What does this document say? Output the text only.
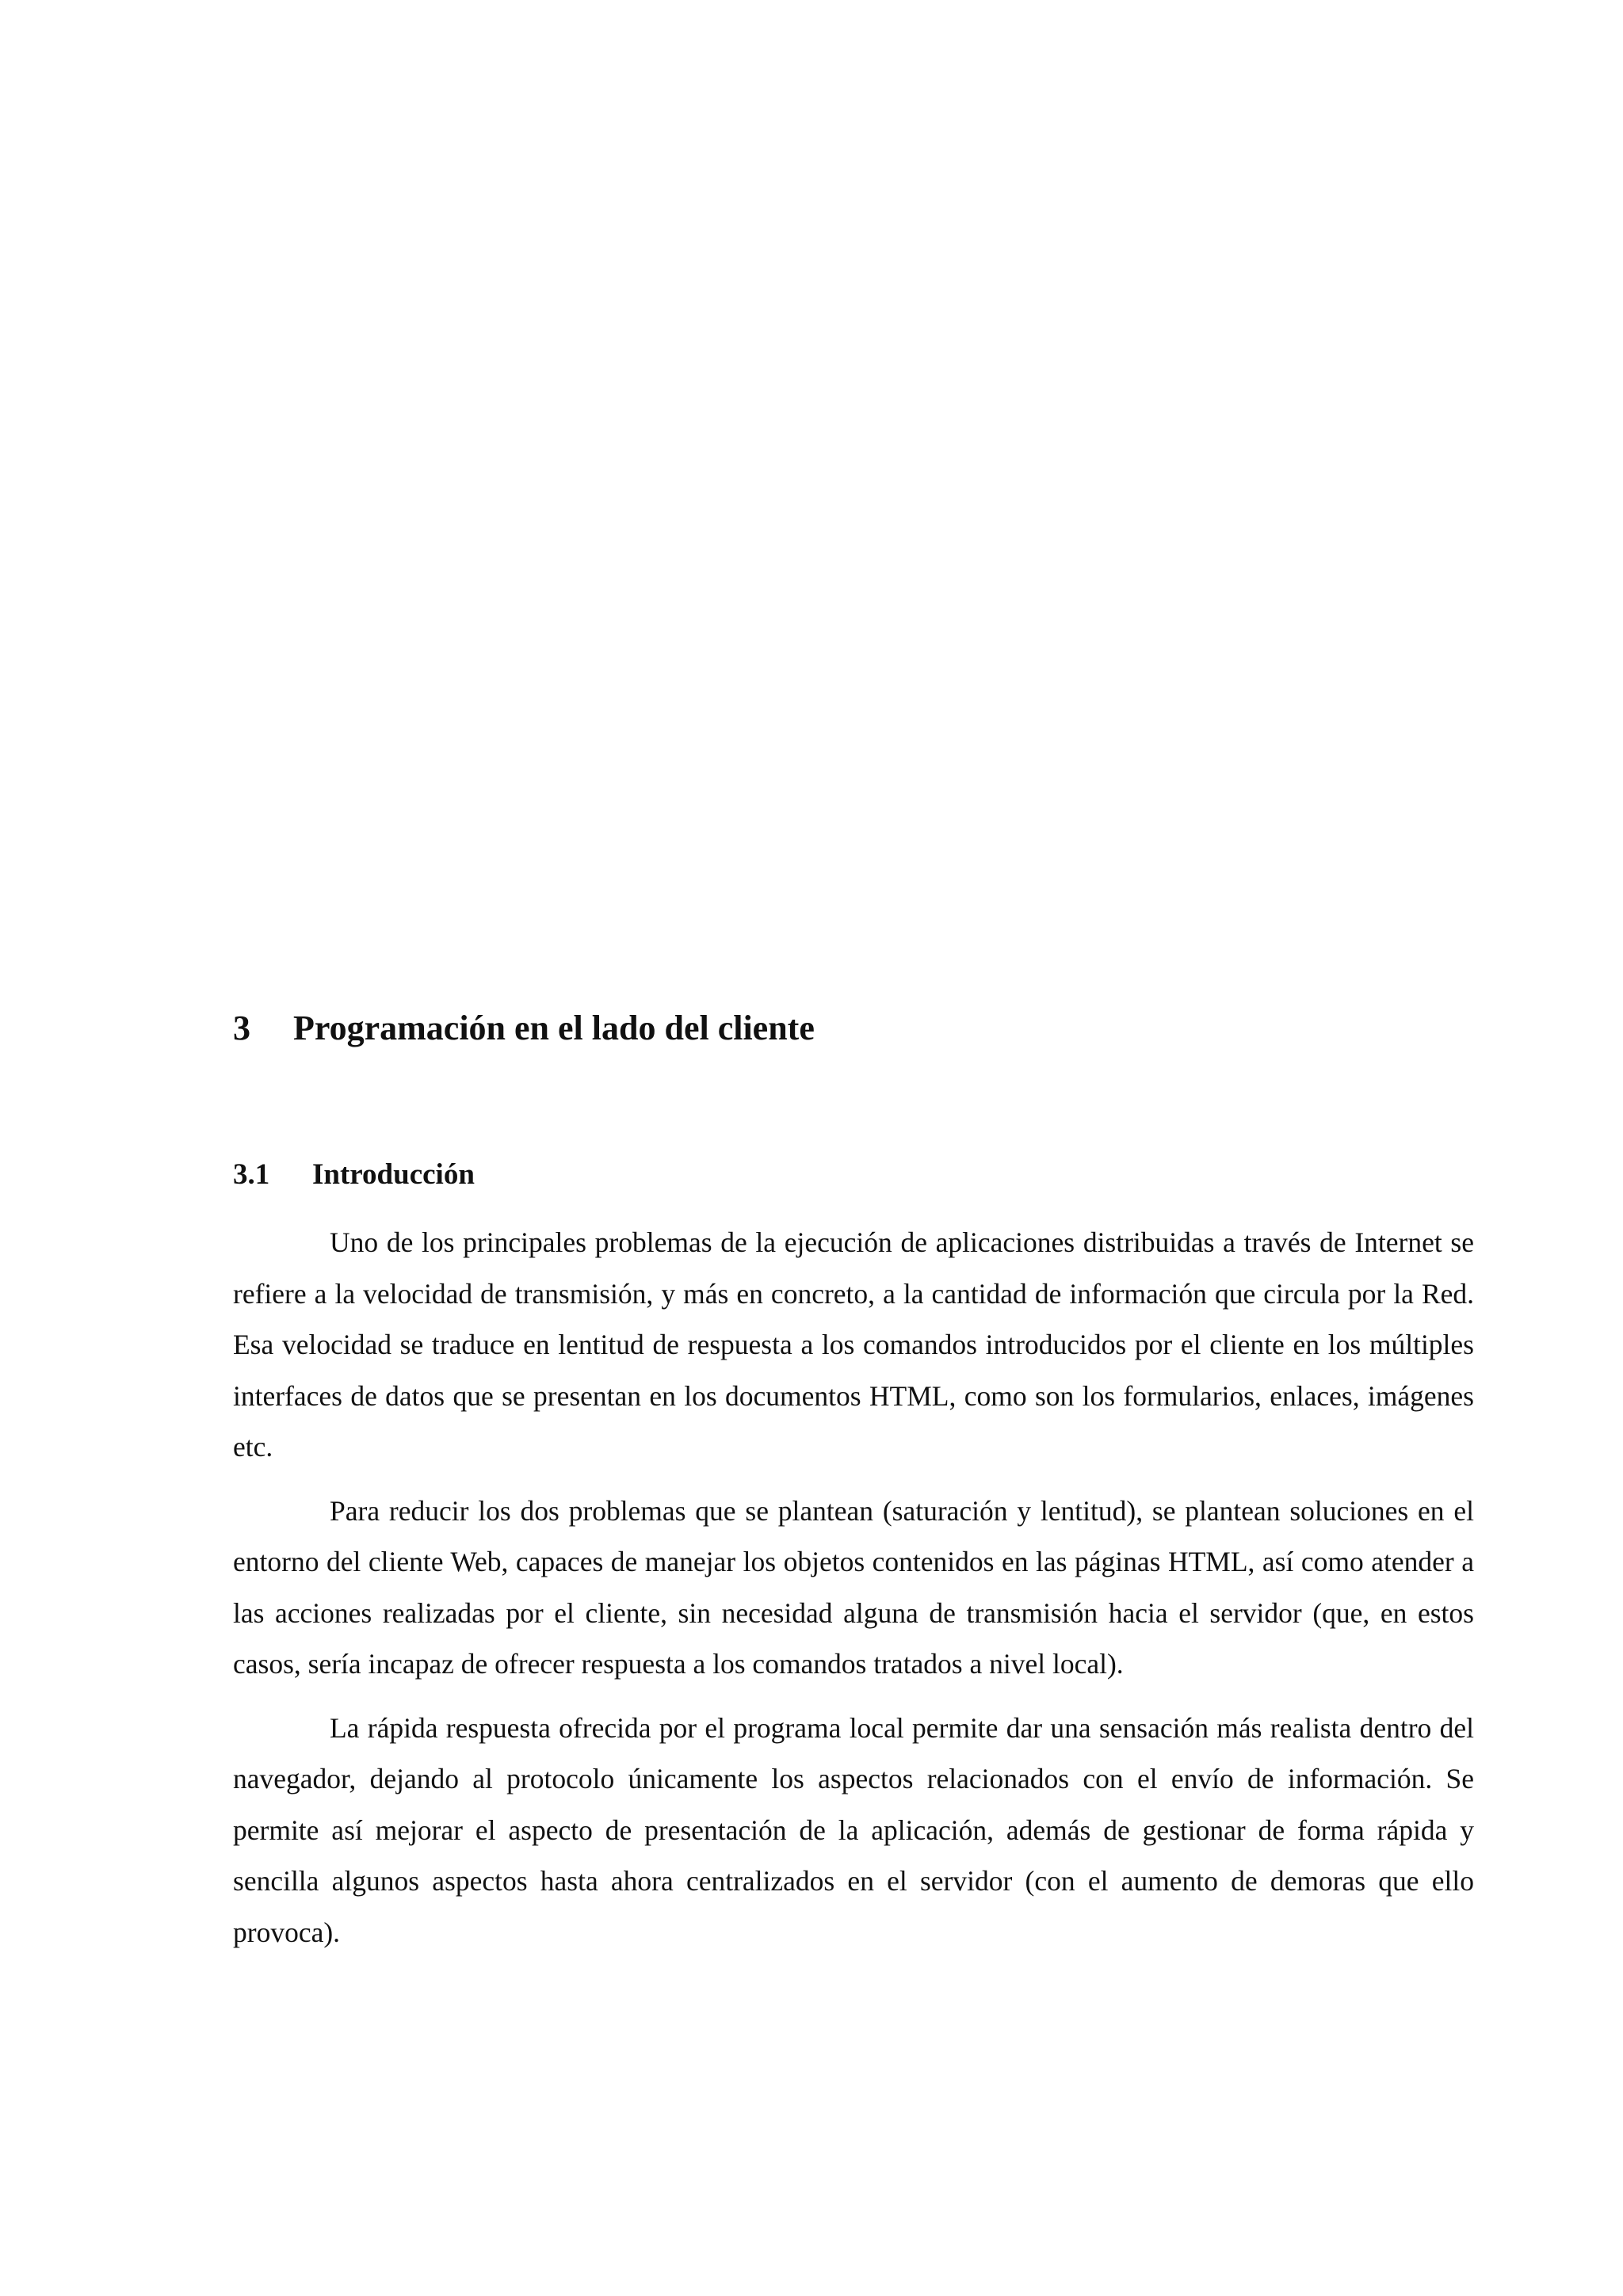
3 Programación en el lado del cliente
3.1 Introducción

Uno de los principales problemas de la ejecución de aplicaciones distribuidas a través de Internet se refiere a la velocidad de transmisión, y más en concreto, a la cantidad de información que circula por la Red. Esa velocidad se traduce en lentitud de respuesta a los comandos introducidos por el cliente en los múltiples interfaces de datos que se presentan en los documentos HTML, como son los formularios, enlaces, imágenes etc.

Para reducir los dos problemas que se plantean (saturación y lentitud), se plantean soluciones en el entorno del cliente Web, capaces de manejar los objetos contenidos en las páginas HTML, así como atender a las acciones realizadas por el cliente, sin necesidad alguna de transmisión hacia el servidor (que, en estos casos, sería incapaz de ofrecer respuesta a los comandos tratados a nivel local).

La rápida respuesta ofrecida por el programa local permite dar una sensación más realista dentro del navegador, dejando al protocolo únicamente los aspectos relacionados con el envío de información. Se permite así mejorar el aspecto de presentación de la aplicación, además de gestionar de forma rápida y sencilla algunos aspectos hasta ahora centralizados en el servidor (con el aumento de demoras que ello provoca).
